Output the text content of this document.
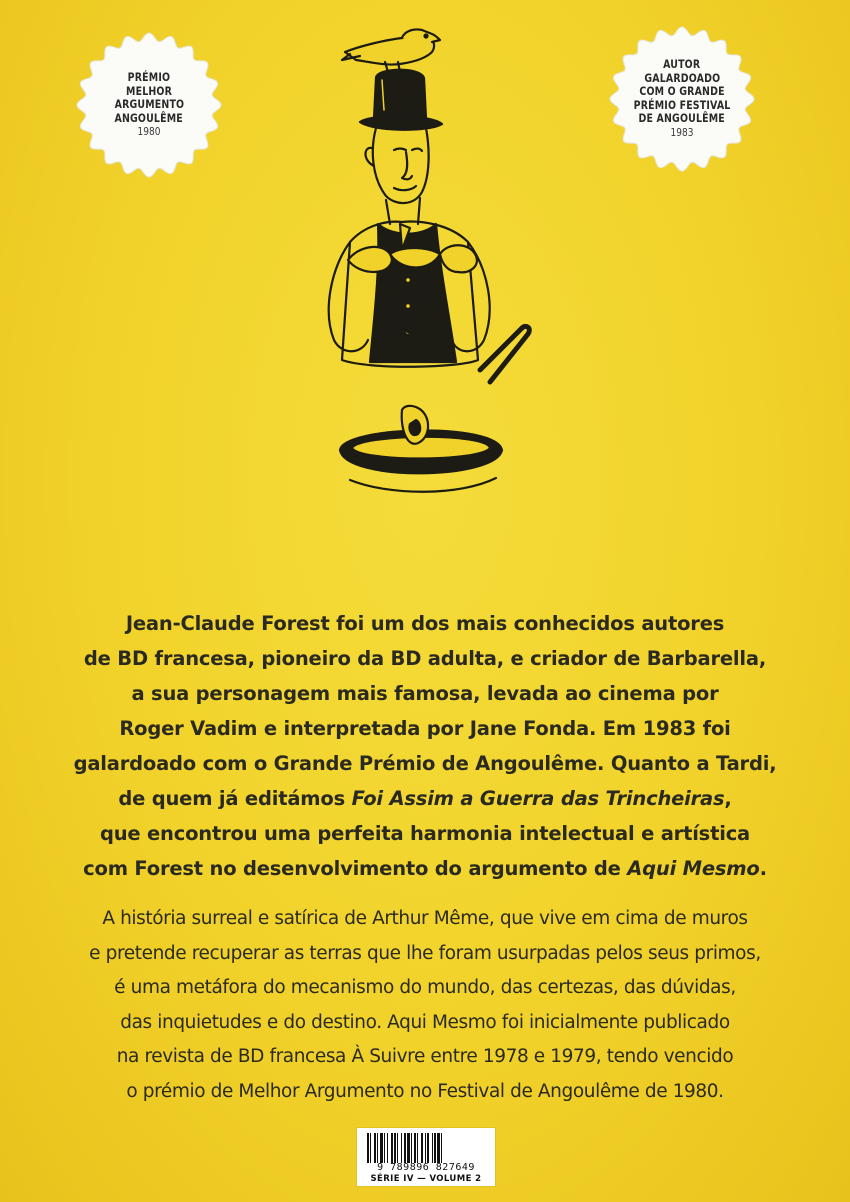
PRÉMIO
MELHOR
ARGUMENTO
ANGOULÊME
1980
AUTOR
GALARDOADO
COM O GRANDE
PRÉMIO FESTIVAL
DE ANGOULÊME
1983
Jean-Claude Forest foi um dos mais conhecidos autores
de BD francesa, pioneiro da BD adulta, e criador de Barbarella,
a sua personagem mais famosa, levada ao cinema por
Roger Vadim e interpretada por Jane Fonda. Em 1983 foi
galardoado com o Grande Prémio de Angoulême. Quanto a Tardi,
de quem já editámos Foi Assim a Guerra das Trincheiras,
que encontrou uma perfeita harmonia intelectual e artística
com Forest no desenvolvimento do argumento de Aqui Mesmo.
A história surreal e satírica de Arthur Même, que vive em cima de muros
e pretende recuperar as terras que lhe foram usurpadas pelos seus primos,
é uma metáfora do mecanismo do mundo, das certezas, das dúvidas,
das inquietudes e do destino. Aqui Mesmo foi inicialmente publicado
na revista de BD francesa À Suivre entre 1978 e 1979, tendo vencido
o prémio de Melhor Argumento no Festival de Angoulême de 1980.
9 789896 827649
SÉRIE IV — VOLUME 2
